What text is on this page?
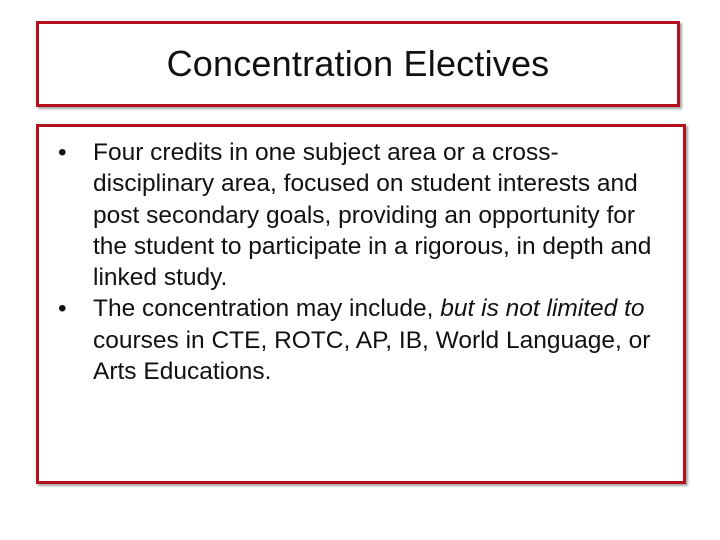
Concentration Electives
•	Four credits in one subject area or a cross-disciplinary area, focused on student interests and post secondary goals, providing an opportunity for the student to participate in a rigorous, in depth and linked study.
•	The concentration may include, but is not limited to courses in CTE, ROTC, AP, IB, World Language, or Arts Educations.
